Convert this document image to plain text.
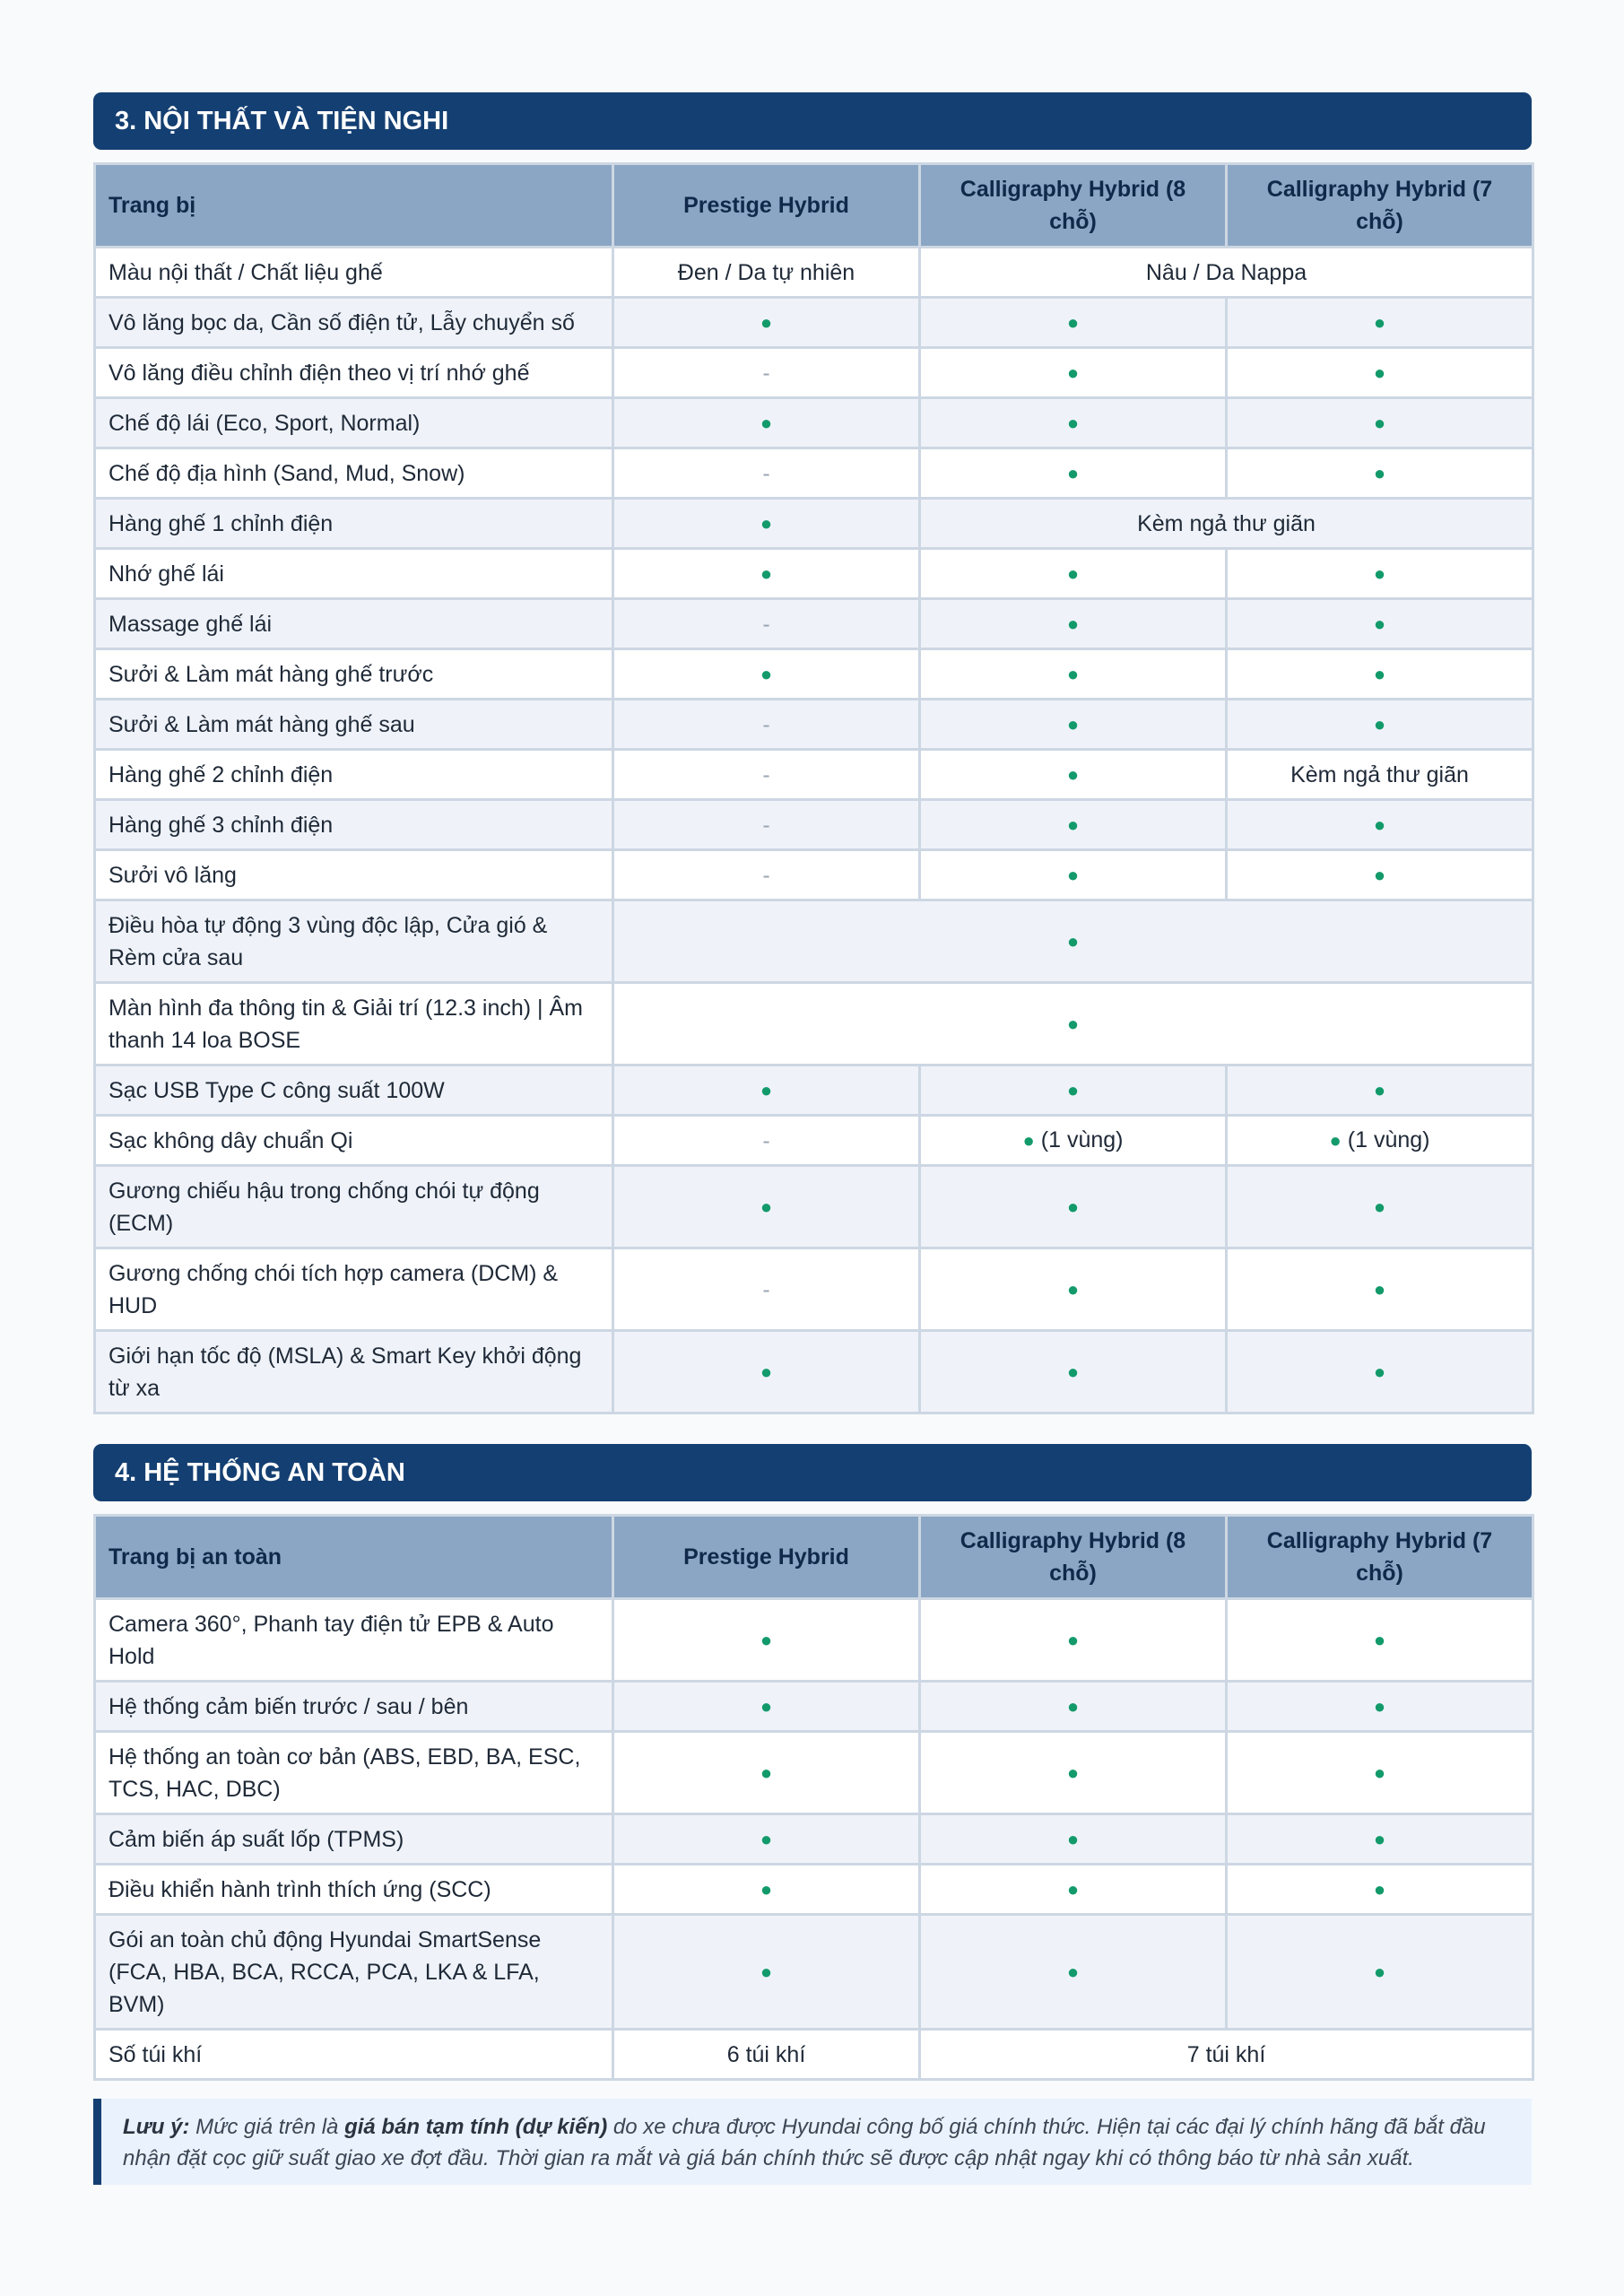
3. NỘI THẤT VÀ TIỆN NGHI
Trang bị	Prestige Hybrid	Calligraphy Hybrid (8 chỗ)	Calligraphy Hybrid (7 chỗ)
Màu nội thất / Chất liệu ghế	Đen / Da tự nhiên	Nâu / Da Nappa	
Vô lăng bọc da, Cần số điện tử, Lẫy chuyển số	●	●	●
Vô lăng điều chỉnh điện theo vị trí nhớ ghế	-	●	●
Chế độ lái (Eco, Sport, Normal)	●	●	●
Chế độ địa hình (Sand, Mud, Snow)	-	●	●
Hàng ghế 1 chỉnh điện	●	Kèm ngả thư giãn	
Nhớ ghế lái	●	●	●
Massage ghế lái	-	●	●
Sưởi & Làm mát hàng ghế trước	●	●	●
Sưởi & Làm mát hàng ghế sau	-	●	●
Hàng ghế 2 chỉnh điện	-	●	Kèm ngả thư giãn
Hàng ghế 3 chỉnh điện	-	●	●
Sưởi vô lăng	-	●	●
Điều hòa tự động 3 vùng độc lập, Cửa gió & Rèm cửa sau	●		
Màn hình đa thông tin & Giải trí (12.3 inch) | Âm thanh 14 loa BOSE	●		
Sạc USB Type C công suất 100W	●	●	●
Sạc không dây chuẩn Qi	-	● (1 vùng)	● (1 vùng)
Gương chiếu hậu trong chống chói tự động (ECM)	●	●	●
Gương chống chói tích hợp camera (DCM) & HUD	-	●	●
Giới hạn tốc độ (MSLA) & Smart Key khởi động từ xa	●	●	●
4. HỆ THỐNG AN TOÀN
Trang bị an toàn	Prestige Hybrid	Calligraphy Hybrid (8 chỗ)	Calligraphy Hybrid (7 chỗ)
Camera 360°, Phanh tay điện tử EPB & Auto Hold	●	●	●
Hệ thống cảm biến trước / sau / bên	●	●	●
Hệ thống an toàn cơ bản (ABS, EBD, BA, ESC, TCS, HAC, DBC)	●	●	●
Cảm biến áp suất lốp (TPMS)	●	●	●
Điều khiển hành trình thích ứng (SCC)	●	●	●
Gói an toàn chủ động Hyundai SmartSense (FCA, HBA, BCA, RCCA, PCA, LKA & LFA, BVM)	●	●	●
Số túi khí	6 túi khí	7 túi khí	
Lưu ý: Mức giá trên là giá bán tạm tính (dự kiến) do xe chưa được Hyundai công bố giá chính thức. Hiện tại các đại lý chính hãng đã bắt đầu nhận đặt cọc giữ suất giao xe đợt đầu. Thời gian ra mắt và giá bán chính thức sẽ được cập nhật ngay khi có thông báo từ nhà sản xuất.
